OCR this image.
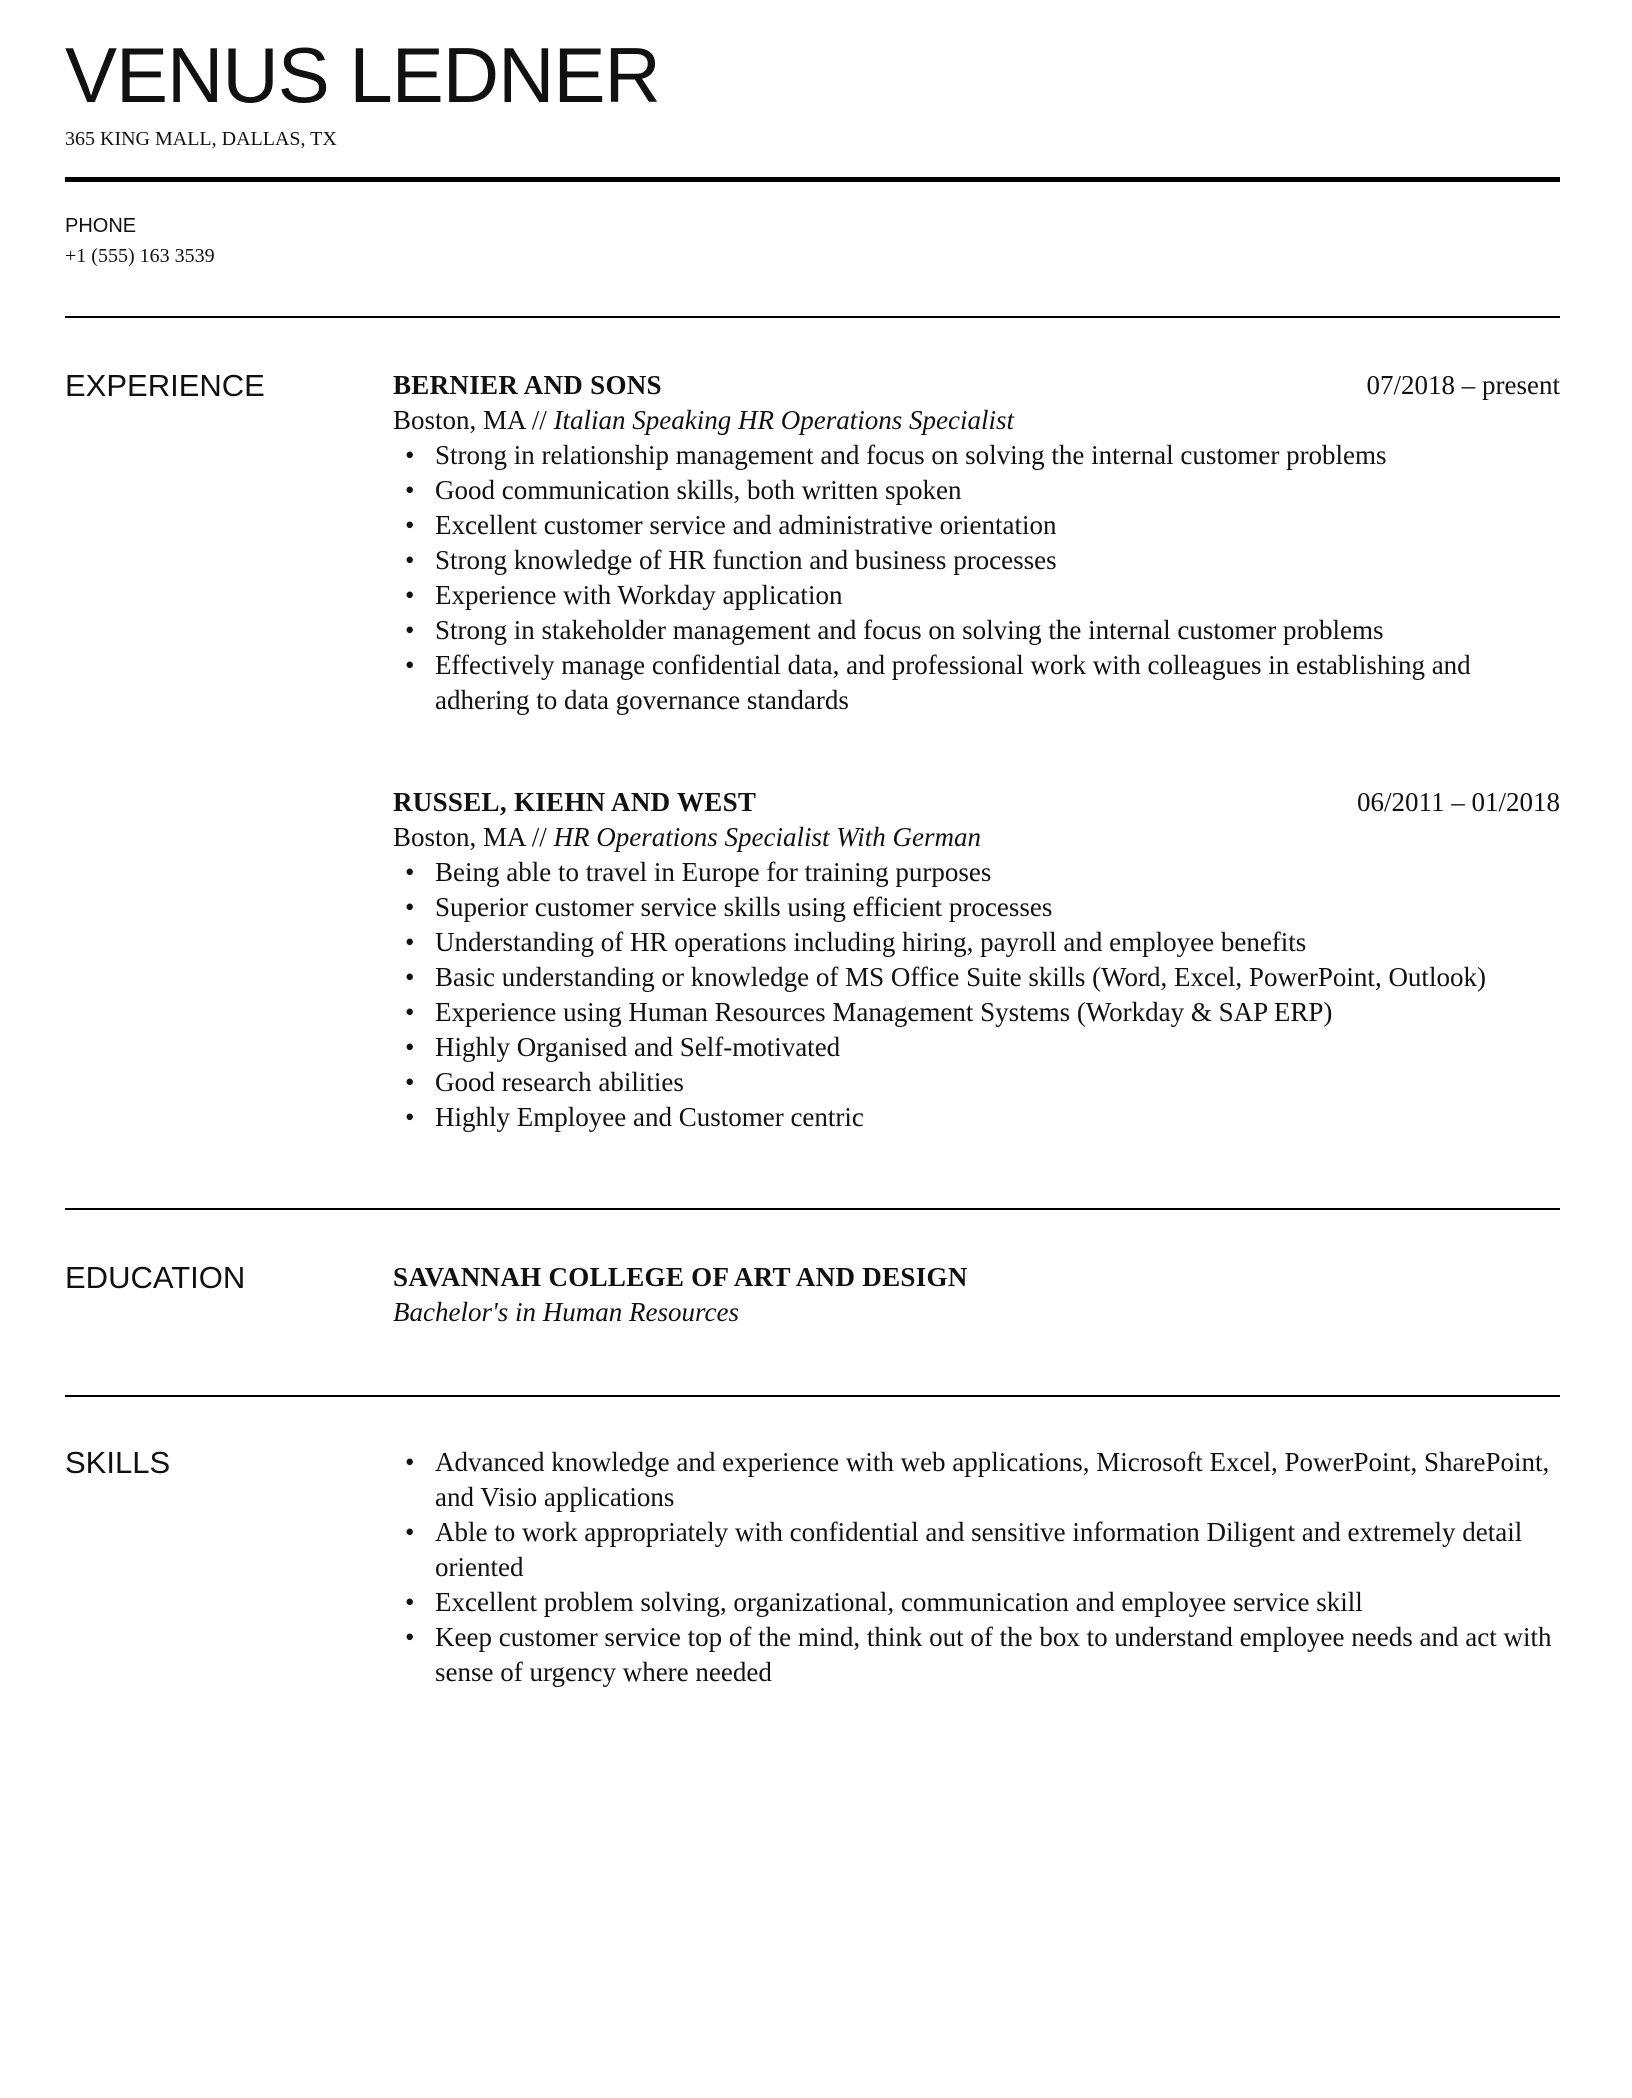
VENUS LEDNER
365 KING MALL, DALLAS, TX
PHONE
+1 (555) 163 3539
EXPERIENCE	BERNIER AND SONS	07/2018 – present
Boston, MA // Italian Speaking HR Operations Specialist
• Strong in relationship management and focus on solving the internal customer problems
• Good communication skills, both written spoken
• Excellent customer service and administrative orientation
• Strong knowledge of HR function and business processes
• Experience with Workday application
• Strong in stakeholder management and focus on solving the internal customer problems
• Effectively manage confidential data, and professional work with colleagues in establishing and adhering to data governance standards
RUSSEL, KIEHN AND WEST	06/2011 – 01/2018
Boston, MA // HR Operations Specialist With German
• Being able to travel in Europe for training purposes
• Superior customer service skills using efficient processes
• Understanding of HR operations including hiring, payroll and employee benefits
• Basic understanding or knowledge of MS Office Suite skills (Word, Excel, PowerPoint, Outlook)
• Experience using Human Resources Management Systems (Workday & SAP ERP)
• Highly Organised and Self-motivated
• Good research abilities
• Highly Employee and Customer centric
EDUCATION	SAVANNAH COLLEGE OF ART AND DESIGN
Bachelor's in Human Resources
SKILLS	• Advanced knowledge and experience with web applications, Microsoft Excel, PowerPoint, SharePoint, and Visio applications
• Able to work appropriately with confidential and sensitive information Diligent and extremely detail oriented
• Excellent problem solving, organizational, communication and employee service skill
• Keep customer service top of the mind, think out of the box to understand employee needs and act with sense of urgency where needed
